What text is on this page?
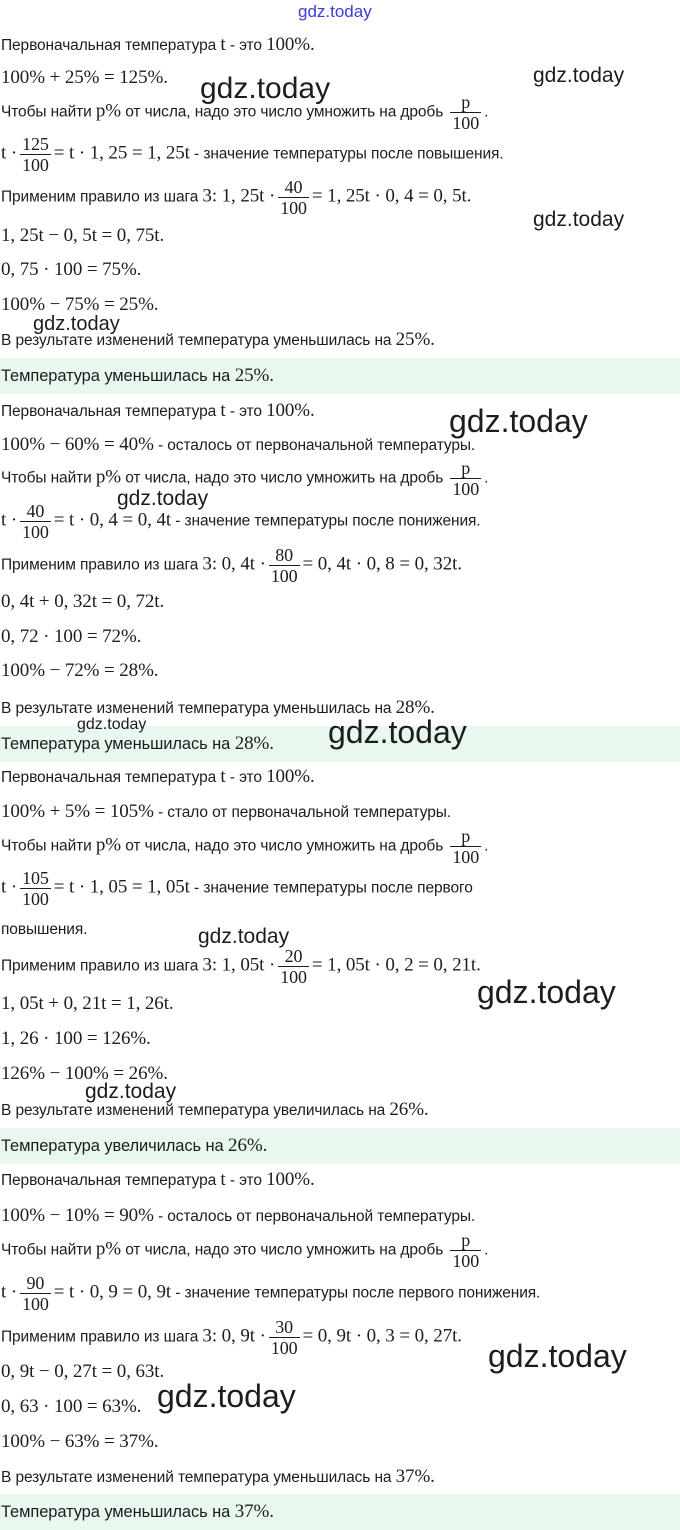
gdz.today
Первоначальная температура t - это 100%.
100% + 25% = 125%.
Чтобы найти p% от числа, надо это число умножить на дробь $\frac{p}{100}$ .
$t \cdot \frac{125}{100} = t \cdot 1$, 25 = 1, 25t - значение температуры после повышения.
Применим правило из шага 3: 1, $25t \cdot \frac{40}{100} = 1$, 25t · 0, 4 = 0, 5t.
1, 25t − 0, 5t = 0, 75t.
0, 75 · 100 = 75%.
100% − 75% = 25%.
В результате изменений температура уменьшилась на 25%.
Температура уменьшилась на 25%.
Первоначальная температура t - это 100%.
100% − 60% = 40% - осталось от первоначальной температуры.
Чтобы найти p% от числа, надо это число умножить на дробь $\frac{p}{100}$ .
$t \cdot \frac{40}{100} = t \cdot 0$, 4 = 0, 4t - значение температуры после понижения.
Применим правило из шага 3: 0, $4t \cdot \frac{80}{100} = 0$, 4t · 0, 8 = 0, 32t.
0, 4t + 0, 32t = 0, 72t.
0, 72 · 100 = 72%.
100% − 72% = 28%.
В результате изменений температура уменьшилась на 28%.
Температура уменьшилась на 28%.
Первоначальная температура t - это 100%.
100% + 5% = 105% - стало от первоначальной температуры.
Чтобы найти p% от числа, надо это число умножить на дробь $\frac{p}{100}$ .
$t \cdot \frac{105}{100} = t \cdot 1$, 05 = 1, 05t - значение температуры после первого
повышения.
Применим правило из шага 3: 1, $05t \cdot \frac{20}{100} = 1$, 05t · 0, 2 = 0, 21t.
1, 05t + 0, 21t = 1, 26t.
1, 26 · 100 = 126%.
126% − 100% = 26%.
В результате изменений температура увеличилась на 26%.
Температура увеличилась на 26%.
Первоначальная температура t - это 100%.
100% − 10% = 90% - осталось от первоначальной температуры.
Чтобы найти p% от числа, надо это число умножить на дробь $\frac{p}{100}$ .
$t \cdot \frac{90}{100} = t \cdot 0$, 9 = 0, 9t - значение температуры после первого понижения.
Применим правило из шага 3: 0, $9t \cdot \frac{30}{100} = 0$, 9t · 0, 3 = 0, 27t.
0, 9t − 0, 27t = 0, 63t.
0, 63 · 100 = 63%.
100% − 63% = 37%.
В результате изменений температура уменьшилась на 37%.
Температура уменьшилась на 37%.
gdz.today	gdz.today
gdz.today
gdz.today
gdz.today
gdz.today
gdz.today	gdz.today
gdz.today
gdz.today
gdz.today
gdz.today
gdz.today
